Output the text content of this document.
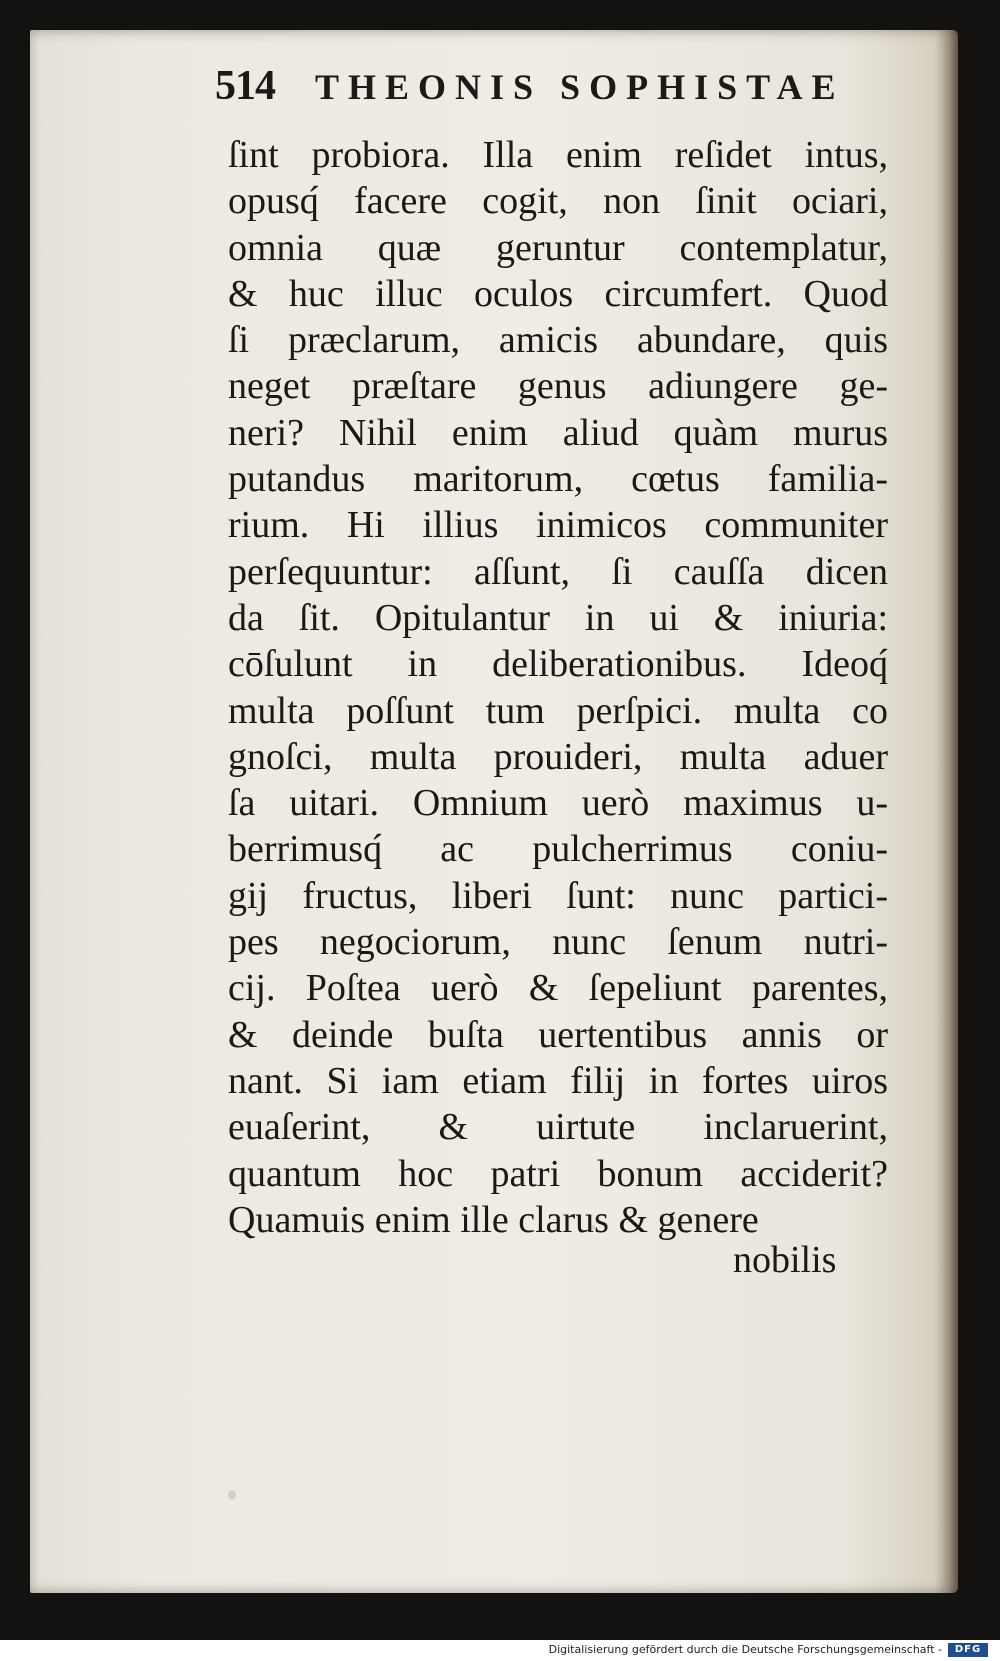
514 THEONIS SOPHISTAE
ſint probiora. Illa enim reſidet intus,
opusq́ facere cogit, non ſinit ociari,
omnia quæ geruntur contemplatur,
& huc illuc oculos circumfert. Quod
ſi præclarum, amicis abundare, quis
neget præſtare genus adiungere ge-
neri? Nihil enim aliud quàm murus
putandus maritorum, cœtus familia-
rium. Hi illius inimicos communiter
perſequuntur: aſſunt, ſi cauſſa dicen
da ſit. Opitulantur in ui & iniuria:
cōſulunt in deliberationibus. Ideoq́
multa poſſunt tum perſpici. multa co
gnoſci, multa prouideri, multa aduer
ſa uitari. Omnium uerò maximus u-
berrimusq́ ac pulcherrimus coniu-
gij fructus, liberi ſunt: nunc partici-
pes negociorum, nunc ſenum nutri-
cij. Poſtea uerò & ſepeliunt parentes,
& deinde buſta uertentibus annis or
nant. Si iam etiam filij in fortes uiros
euaſerint, & uirtute inclaruerint,
quantum hoc patri bonum acciderit?
Quamuis enim ille clarus & genere
nobilis
Digitalisierung gefördert durch die Deutsche Forschungsgemeinschaft -	DFG
